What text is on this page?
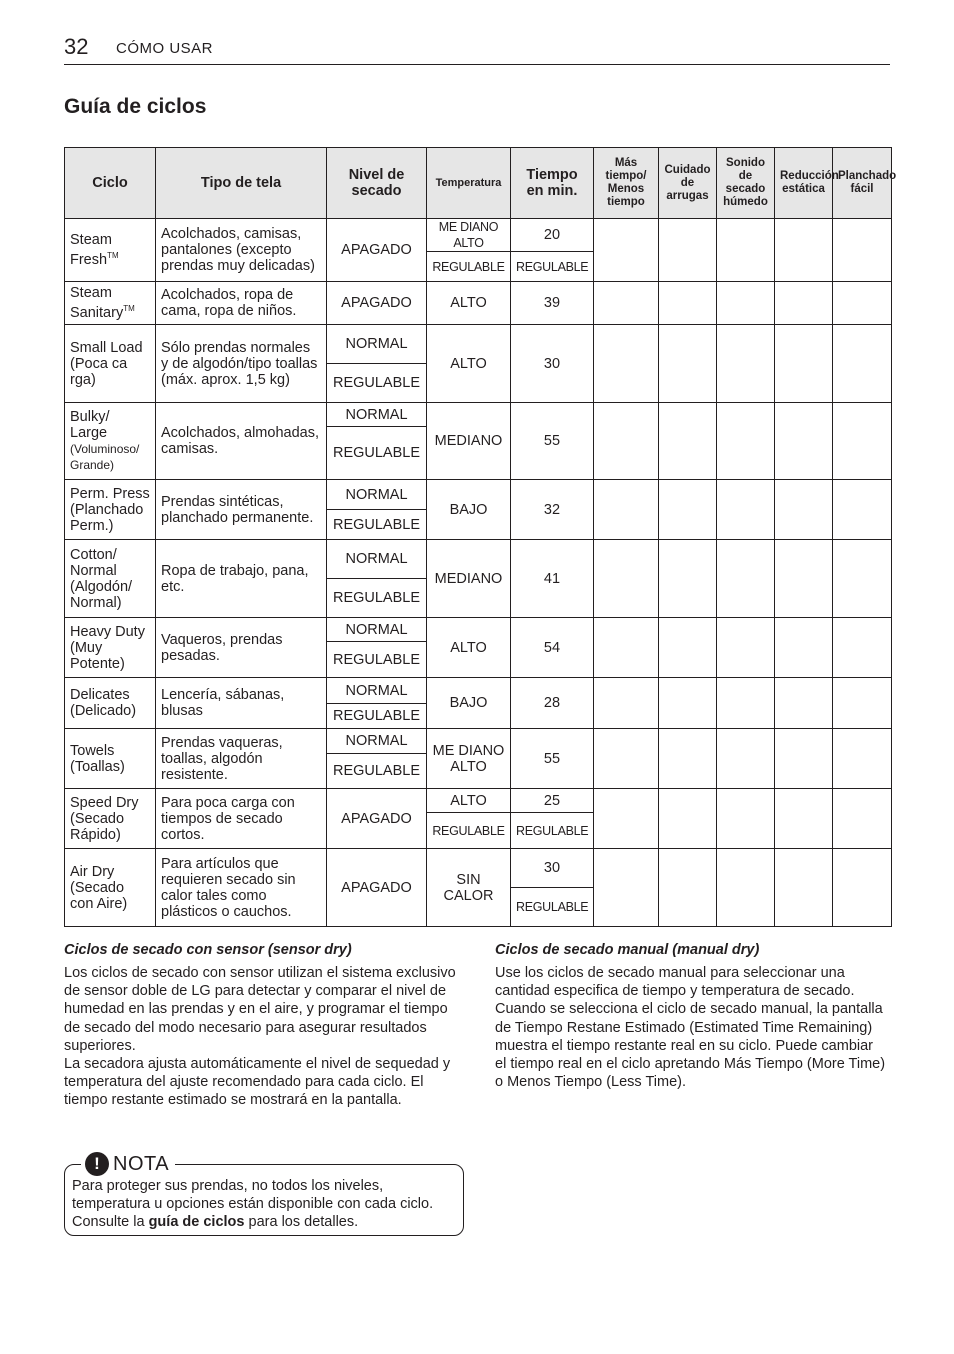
32 CÓMO USAR
Guía de ciclos
Ciclo	Tipo de tela	Nivel de secado	Temperatura	Tiempo en min.	Más tiempo/ Menos tiempo	Cuidado de arrugas	Sonido de secado húmedo	Reducción estática	Planchado fácil
Steam Fresh™	Acolchados, camisas, pantalones (excepto prendas muy delicadas)	APAGADO	ME DIANO ALTO	20					
			REGULABLE	REGULABLE					
Steam Sanitary™	Acolchados, ropa de cama, ropa de niños.	APAGADO	ALTO	39					
Small Load (Poca ca rga)	Sólo prendas normales y de algodón/tipo toallas (máx. aprox. 1,5 kg)	NORMAL	ALTO	30					
		REGULABLE							
Bulky/ Large (Voluminoso/ Grande)	Acolchados, almohadas, camisas.	NORMAL	MEDIANO	55					
		REGULABLE							
Perm. Press (Planchado Perm.)	Prendas sintéticas, planchado permanente.	NORMAL	BAJO	32					
		REGULABLE							
Cotton/ Normal (Algodón/ Normal)	Ropa de trabajo, pana, etc.	NORMAL	MEDIANO	41					
		REGULABLE							
Heavy Duty (Muy Potente)	Vaqueros, prendas pesadas.	NORMAL	ALTO	54					
		REGULABLE							
Delicates (Delicado)	Lencería, sábanas, blusas	NORMAL	BAJO	28					
		REGULABLE							
Towels (Toallas)	Prendas vaqueras, toallas, algodón resistente.	NORMAL	ME DIANO ALTO	55					
		REGULABLE							
Speed Dry (Secado Rápido)	Para poca carga con tiempos de secado cortos.	APAGADO	ALTO	25					
			REGULABLE	REGULABLE					
Air Dry (Secado con Aire)	Para artículos que requieren secado sin calor tales como plásticos o cauchos.	APAGADO	SIN CALOR	30					
				REGULABLE					
Ciclos de secado con sensor (sensor dry)

Los ciclos de secado con sensor utilizan el sistema exclusivo de sensor doble de LG para detectar y comparar el nivel de humedad en las prendas y en el aire, y programar el tiempo de secado del modo necesario para asegurar resultados superiores.
La secadora ajusta automáticamente el nivel de sequedad y temperatura del ajuste recomendado para cada ciclo. El tiempo restante estimado se mostrará en la pantalla.

Ciclos de secado manual (manual dry)

Use los ciclos de secado manual para seleccionar una cantidad especifica de tiempo y temperatura de secado. Cuando se selecciona el ciclo de secado manual, la pantalla de Tiempo Restane Estimado (Estimated Time Remaining) muestra el tiempo restante real en su ciclo. Puede cambiar el tiempo real en el ciclo apretando Más Tiempo (More Time) o Menos Tiempo (Less Time).

! NOTA

Para proteger sus prendas, no todos los niveles, temperatura u opciones están disponible con cada ciclo. Consulte la guía de ciclos para los detalles.
